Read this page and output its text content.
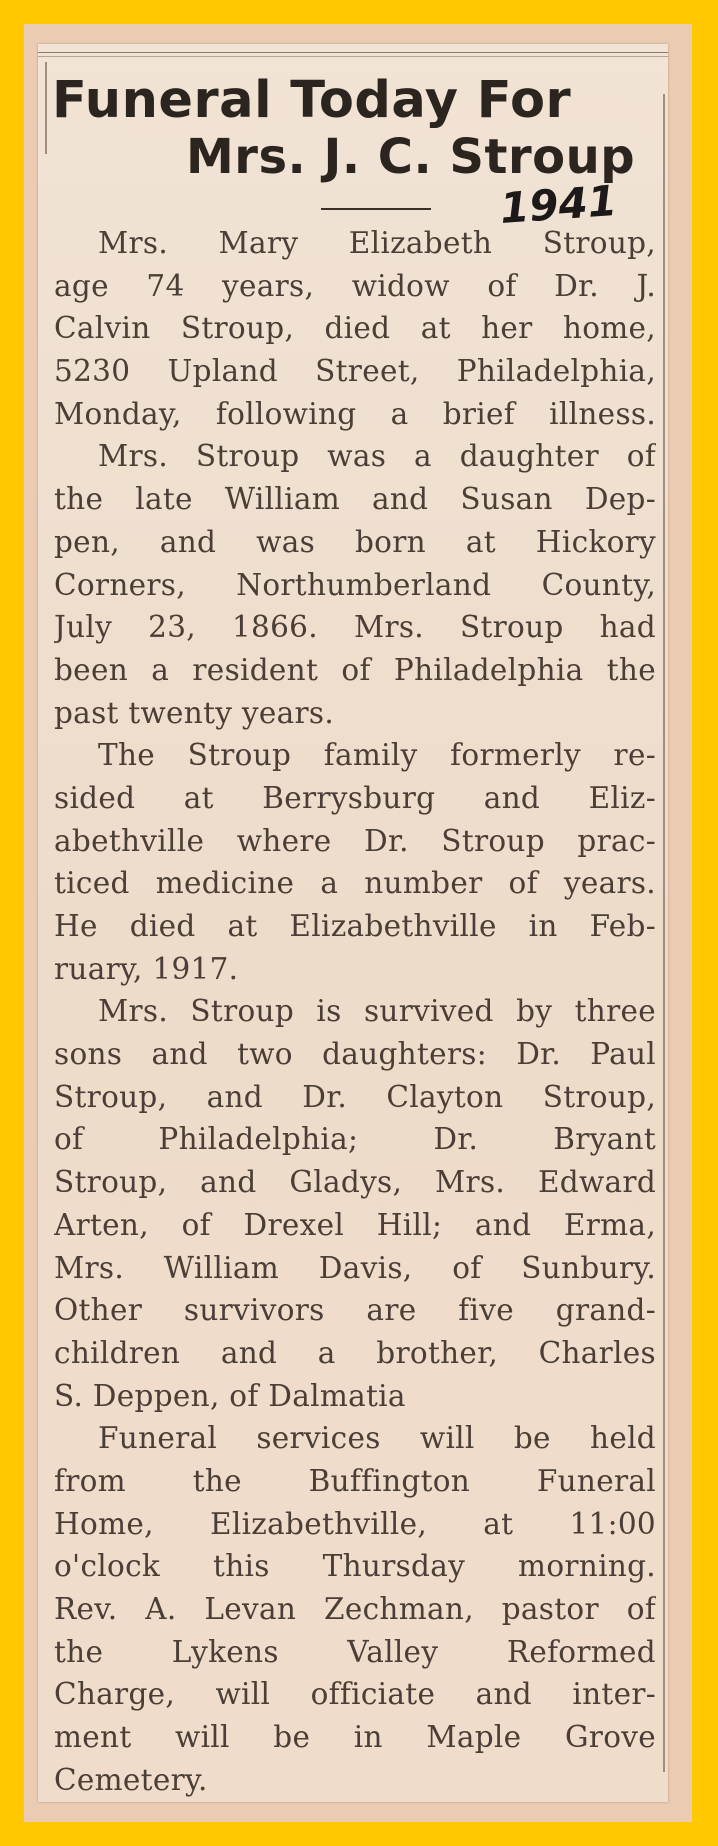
Funeral Today For
Mrs. J. C. Stroup
1941
Mrs. Mary Elizabeth Stroup,
age 74 years, widow of Dr. J.
Calvin Stroup, died at her home,
5230 Upland Street, Philadelphia,
Monday, following a brief illness.
Mrs. Stroup was a daughter of
the late William and Susan Dep-
pen, and was born at Hickory
Corners, Northumberland County,
July 23, 1866. Mrs. Stroup had
been a resident of Philadelphia the
past twenty years.
The Stroup family formerly re-
sided at Berrysburg and Eliz-
abethville where Dr. Stroup prac-
ticed medicine a number of years.
He died at Elizabethville in Feb-
ruary, 1917.
Mrs. Stroup is survived by three
sons and two daughters: Dr. Paul
Stroup, and Dr. Clayton Stroup,
of Philadelphia; Dr. Bryant
Stroup, and Gladys, Mrs. Edward
Arten, of Drexel Hill; and Erma,
Mrs. William Davis, of Sunbury.
Other survivors are five grand-
children and a brother, Charles
S. Deppen, of Dalmatia
Funeral services will be held
from the Buffington Funeral
Home, Elizabethville, at 11:00
o'clock this Thursday morning.
Rev. A. Levan Zechman, pastor of
the Lykens Valley Reformed
Charge, will officiate and inter-
ment will be in Maple Grove
Cemetery.
